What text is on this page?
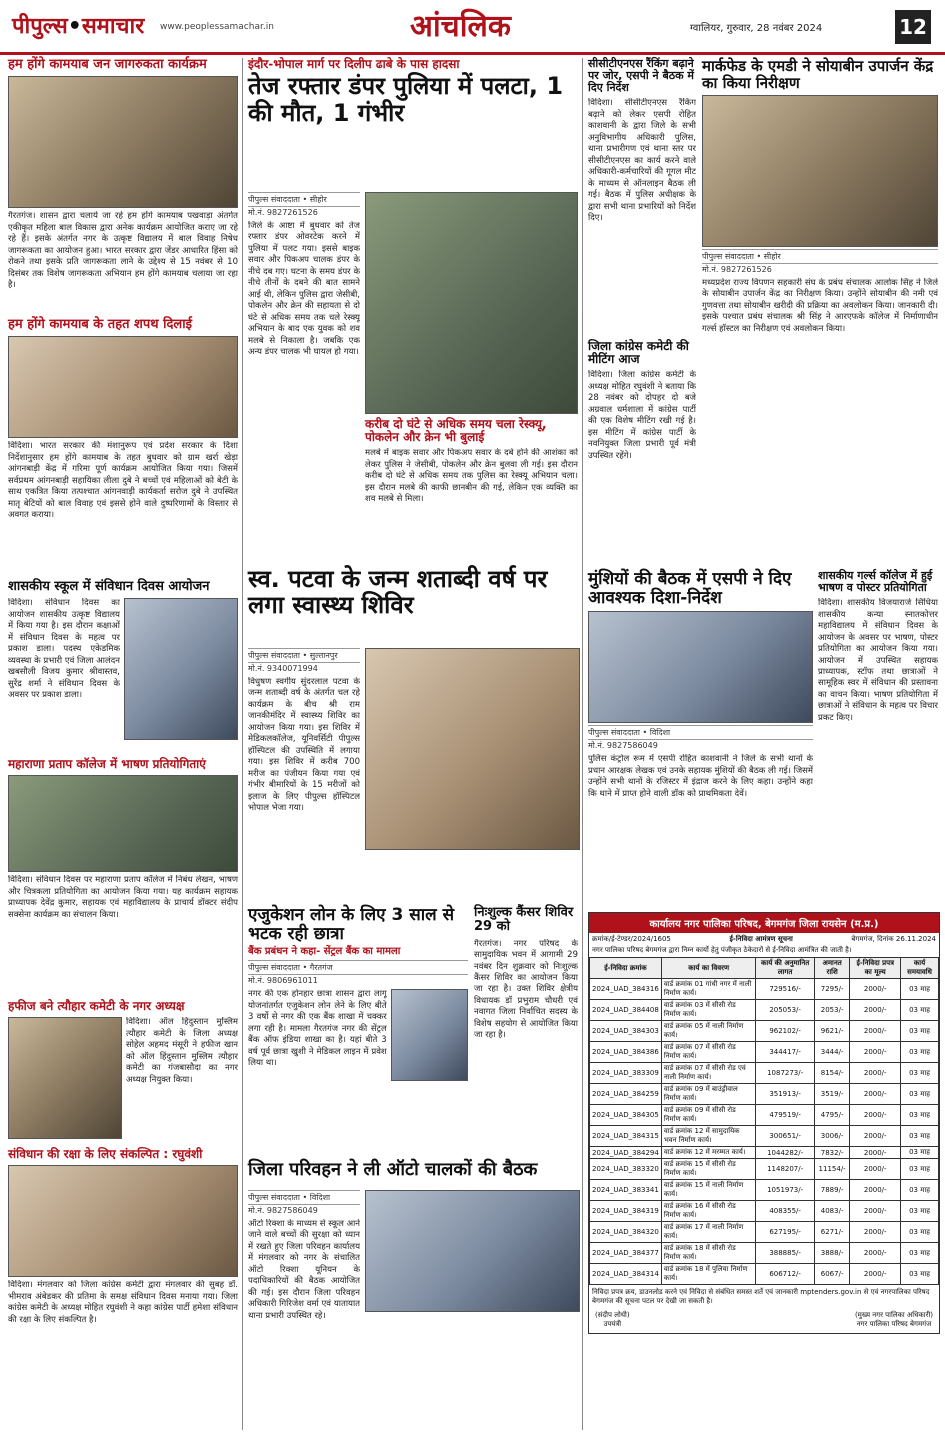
पीपुल्स•समाचार www.peoplessamachar.in	आंचलिक	ग्वालियर, गुरुवार, 28 नवंबर 2024	12
हम होंगे कामयाब जन जागरुकता कार्यक्रम
गैरतगंज। शासन द्वारा चलाये जा रहे हम होंगे कामयाब पखवाड़ा अंतर्गत एकीकृत महिला बाल विकास द्वारा अनेक कार्यक्रम आयोजित कराए जा रहे रहे हैं। इसके अंतर्गत नगर के उत्कृष्ट विद्यालय में बाल विवाह निषेध जागरूकता का आयोजन हुआ। भारत सरकार द्वारा जेंडर आधारित हिंसा को रोकने तथा इसके प्रति जागरूकता लाने के उद्देश्य से 15 नवंबर से 10 दिसंबर तक विशेष जागरूकता अभियान हम होंगे कामयाब चलाया जा रहा है।
हम होंगे कामयाब के तहत शपथ दिलाई
विदिशा। भारत सरकार की मंशानुरूप एवं प्रदेश सरकार के दिशा निर्देशानुसार हम होंगे कामयाब के तहत बुधवार को ग्राम खर्रा खेड़ा आंगनबाड़ी केंद्र में गरिमा पूर्ण कार्यक्रम आयोजित किया गया। जिसमें सर्वप्रथम आंगनबाड़ी सहायिका लीला दुबे ने बच्चों एवं महिलाओं को बेटी के साथ एकत्रित किया तत्पश्चात आंगनवाड़ी कार्यकर्ता सरोज दुबे ने उपस्थित मातृ बेटियों को बाल विवाह एवं इससे होने वाले दुष्परिणामों के विस्तार से अवगत कराया।
शासकीय स्कूल में संविधान दिवस आयोजन
विदिशा। संविधान दिवस का आयोजन शासकीय उत्कृष्ट विद्यालय में किया गया है। इस दौरान कक्षाओं में संविधान दिवस के महत्व पर प्रकाश डाला। पदस्थ एकेडमिक व्यवस्था के प्रभारी एवं जिला आलंदन खबसौली विजय कुमार श्रीवास्तव, सुरेंद्र शर्मा ने संविधान दिवस के अवसर पर प्रकाश डाला।
महाराणा प्रताप कॉलेज में भाषण प्रतियोगिताएं
विदिशा। संविधान दिवस पर महाराणा प्रताप कॉलेज में निबंध लेखन, भाषण और चित्रकला प्रतियोगिता का आयोजन किया गया। यह कार्यक्रम सहायक प्राध्यापक देवेंद्र कुमार, सहायक एवं महाविद्यालय के प्राचार्य डॉक्टर संदीप सक्सेना कार्यक्रम का संचालन किया।
हफीज बने त्यौहार कमेटी के नगर अध्यक्ष
विदिशा। ऑल हिंदुस्तान मुस्लिम त्यौहार कमेटी के जिला अध्यक्ष सोहेल अहमद मंसूरी ने हफीज खान को ऑल हिंदुस्तान मुस्लिम त्यौहार कमेटी का गंजबासौदा का नगर अध्यक्ष नियुक्त किया।
संविधान की रक्षा के लिए संकल्पित : रघुवंशी
विदिशा। मंगलवार को जिला कांग्रेस कमेटी द्वारा मंगलवार की सुबह डॉ. भीमराव अंबेडकर की प्रतिमा के समक्ष संविधान दिवस मनाया गया। जिला कांग्रेस कमेटी के अध्यक्ष मोहित रघुवंशी ने कहा कांग्रेस पार्टी हमेशा संविधान की रक्षा के लिए संकल्पित है।
इंदौर-भोपाल मार्ग पर दिलीप ढाबे के पास हादसा
तेज रफ्तार डंपर पुलिया में पलटा, 1 की मौत, 1 गंभीर
पीपुल्स संवाददाता • सीहोर
मो.नं. 9827261526
जिले के आष्टा में बुधवार को तेज रफ्तार डंपर ओवरटेक करने में पुलिया में पलट गया। इससे बाइक सवार और पिकअप चालक डंपर के नीचे दब गए। घटना के समय डंपर के नीचे तीनों के दबने की बात सामने आई थी, लेकिन पुलिस द्वारा जेसीबी, पोकलेन और क्रेन की सहायता से दो घंटे से अधिक समय तक चले रेस्क्यू अभियान के बाद एक युवक को शव मलबे से निकाला है। जबकि एक अन्य डंपर चालक भी घायल हो गया।
करीब दो घंटे से अधिक समय चला रेस्क्यू, पोकलेन और क्रेन भी बुलाई
मलबे में बाइक सवार और पिकअप सवार के दबे होने की आशंका को लेकर पुलिस ने जेसीबी, पोकलेन और क्रेन बुलवा ली गई। इस दौरान करीब दो घंटे से अधिक समय तक पुलिस का रेस्क्यू अभियान चला। इस दौरान मलबे की काफी छानबीन की गई, लेकिन एक व्यक्ति का शव मलबे से मिला।
स्व. पटवा के जन्म शताब्दी वर्ष पर लगा स्वास्थ्य शिविर
पीपुल्स संवाददाता • सुल्तानपुर
मो.नं. 9340071994
विधुषण स्वर्गीय सुंदरलाल पटवा के जन्म शताब्दी वर्ष के अंतर्गत चल रहे कार्यक्रम के बीच श्री राम जानकीमंदिर में स्वास्थ्य शिविर का आयोजन किया गया। इस शिविर में मेडिकलकॉलेज, यूनिवर्सिटी पीपुल्स हॉस्पिटल की उपस्थिति में लगाया गया। इस शिविर में करीब 700 मरीज का पंजीयन किया गया एवं गंभीर बीमारियों के 15 मरीजों को इलाज के लिए पीपुल्स हॉस्पिटल भोपाल भेजा गया।
एजुकेशन लोन के लिए 3 साल से भटक रही छात्रा
बैंक प्रबंधन ने कहा- सेंट्रल बैंक का मामला
पीपुल्स संवाददाता • गैरतगंज
मो.नं. 9806961011
नगर की एक होनहार छात्रा शासन द्वारा लागू योजनांतर्गत एजुकेशन लोन लेने के लिए बीते 3 वर्षो से नगर की एक बैंक शाखा में चक्कर लगा रही है। मामला गैरतगंज नगर की सेंट्रल बैंक ऑफ इंडिया शाखा का है। यहां बीते 3 वर्ष पूर्व छात्रा खुशी ने मेडिकल लाइन में प्रवेश लिया था।
निःशुल्क कैंसर शिविर 29 को
गैरतगंज। नगर परिषद के सामुदायिक भवन में आगामी 29 नवंबर दिन शुक्रवार को निःशुल्क कैंसर शिविर का आयोजन किया जा रहा है। उक्त शिविर क्षेत्रीय विधायक डॉ प्रभुराम चौधरी एवं नवागत जिला निर्वाचित सदस्य के विशेष सहयोग से आयोजित किया जा रहा है।
जिला परिवहन ने ली ऑटो चालकों की बैठक
पीपुल्स संवाददाता • विदिशा
मो.नं. 9827586049
ऑटो रिक्शा के माध्यम से स्कूल आने जाने वाले बच्चों की सुरक्षा को ध्यान में रखते हुए जिला परिवहन कार्यालय में मंगलवार को नगर के संचालित ऑटो रिक्शा यूनियन के पदाधिकारियों की बैठक आयोजित की गई। इस दौरान जिला परिवहन अधिकारी गिरिजेश वर्मा एवं यातायात थाना प्रभारी उपस्थित रहे।
सीसीटीएनएस रैंकिंग बढ़ाने पर जोर, एसपी ने बैठक में दिए निर्देश
विदिशा। सीसीटीएनएस रैंकिंग बढ़ाने को लेकर एसपी रोहित काशवानी के द्वारा जिले के सभी अनुविभागीय अधिकारी पुलिस, थाना प्रभारीगण एवं थाना स्तर पर सीसीटीएनएस का कार्य करने वाले अधिकारी-कर्मचारियों की गूगल मीट के माध्यम से ऑनलाइन बैठक ली गई। बैठक में पुलिस अधीक्षक के द्वारा सभी थाना प्रभारियों को निर्देश दिए।
जिला कांग्रेस कमेटी की मीटिंग आज
विदिशा। जिला कांग्रेस कमेटी के अध्यक्ष मोहित रघुवंशी ने बताया कि 28 नवंबर को दोपहर दो बजे अग्रवाल धर्मशाला में कांग्रेस पार्टी की एक विशेष मीटिंग रखी गई है। इस मीटिंग में कांग्रेस पार्टी के नवनियुक्त जिला प्रभारी पूर्व मंत्री उपस्थित रहेंगे।
मार्कफेड के एमडी ने सोयाबीन उपार्जन केंद्र का किया निरीक्षण
पीपुल्स संवाददाता • सीहोर
मो.नं. 9827261526
मध्यप्रदेश राज्य विपणन सहकारी संघ के प्रबंध संचालक आलोक सिंह ने जिले के सोयाबीन उपार्जन केंद्र का निरीक्षण किया। उन्होंने सोयाबीन की नमी एवं गुणवत्ता तथा सोयाबीन खरीदी की प्रक्रिया का अवलोकन किया। जानकारी दी। इसके पश्चात प्रबंध संचालक श्री सिंह ने आरएफके कॉलेज में निर्माणाधीन गर्ल्स हॉस्टल का निरीक्षण एवं अवलोकन किया।
मुंशियों की बैठक में एसपी ने दिए आवश्यक दिशा-निर्देश
पीपुल्स संवाददाता • विदिशा
मो.नं. 9827586049
पुलिस कंट्रोल रूम में एसपी रोहित काशवानी ने जिले के सभी थानों के प्रधान आरक्षक लेखक एवं उनके सहायक मुंशियों की बैठक ली गई। जिसमें उन्होंने सभी थानों के रजिस्टर में इंद्राज करने के लिए कहा। उन्होंने कहा कि थाने में प्राप्त होने वाली डॉक को प्राथमिकता देवें।
शासकीय गर्ल्स कॉलेज में हुई भाषण व पोस्टर प्रतियोगिता
विदिशा। शासकीय विजयाराजे सिंधिया शासकीय कन्या स्नातकोत्तर महाविद्यालय में संविधान दिवस के आयोजन के अवसर पर भाषण, पोस्टर प्रतियोगिता का आयोजन किया गया। आयोजन में उपस्थित सहायक प्राध्यापक, स्टॉफ तथा छात्राओं ने सामूहिक स्वर में संविधान की प्रस्तावना का वाचन किया। भाषण प्रतियोगिता में छात्राओं ने संविधान के महत्व पर विचार प्रकट किए।
कार्यालय नगर पालिका परिषद, बेगमगंज जिला रायसेन (म.प्र.)
क्रमांक/ई-टेण्डर/2024/1605	ई-निविदा आमंत्रण सूचना	बेगमगंज, दिनांक 26.11.2024
नगर पालिका परिषद बेगमगंज द्वारा निम्न कार्यो हेतु पंजीकृत ठेकेदारों से ई-निविदा आमंत्रित की जाती है।
ई-निविदा क्रमांक	कार्य का विवरण	कार्य की अनुमानित लागत	अमानत राशि	ई-निविदा प्रपत्र का मूल्य	कार्य समयावधि
2024_UAD_384316	वार्ड क्रमांक 01 गांधी नगर में नाली निर्माण कार्य।	729516/-	7295/-	2000/-	03 माह
2024_UAD_384408	वार्ड क्रमांक 03 में सीसी रोड निर्माण कार्य।	205053/-	2053/-	2000/-	03 माह
2024_UAD_384303	वार्ड क्रमांक 05 में नाली निर्माण कार्य।	962102/-	9621/-	2000/-	03 माह
2024_UAD_384386	वार्ड क्रमांक 07 में सीसी रोड निर्माण कार्य।	344417/-	3444/-	2000/-	03 माह
2024_UAD_383309	वार्ड क्रमांक 07 में सीसी रोड एवं नाली निर्माण कार्य।	1087273/-	8154/-	2000/-	03 माह
2024_UAD_384259	वार्ड क्रमांक 09 में बाउंड्रीवाल निर्माण कार्य।	351913/-	3519/-	2000/-	03 माह
2024_UAD_384305	वार्ड क्रमांक 09 में सीसी रोड निर्माण कार्य।	479519/-	4795/-	2000/-	03 माह
2024_UAD_384315	वार्ड क्रमांक 12 में सामुदायिक भवन निर्माण कार्य।	300651/-	3006/-	2000/-	03 माह
2024_UAD_384294	वार्ड क्रमांक 12 में मरम्मत कार्य।	1044282/-	7832/-	2000/-	03 माह
2024_UAD_383320	वार्ड क्रमांक 15 में सीसी रोड निर्माण कार्य।	1148207/-	11154/-	2000/-	03 माह
2024_UAD_383341	वार्ड क्रमांक 15 में नाली निर्माण कार्य।	1051973/-	7889/-	2000/-	03 माह
2024_UAD_384319	वार्ड क्रमांक 16 में सीसी रोड निर्माण कार्य।	408355/-	4083/-	2000/-	03 माह
2024_UAD_384320	वार्ड क्रमांक 17 में नाली निर्माण कार्य।	627195/-	6271/-	2000/-	03 माह
2024_UAD_384377	वार्ड क्रमांक 18 में सीसी रोड निर्माण कार्य।	388885/-	3888/-	2000/-	03 माह
2024_UAD_384314	वार्ड क्रमांक 18 में पुलिया निर्माण कार्य।	606712/-	6067/-	2000/-	03 माह
निविदा प्रपत्र क्रय, डाउनलोड करने एवं निविदा से संबंधित समस्त शर्ते एवं जानकारी mptenders.gov.in से एवं नगरपालिका परिषद बेगमगंज की सूचना पटल पर देखी जा सकती है।
(संदीप लोधी)
उपयंत्री
(मुख्य नगर पालिका अधिकारी)
नगर पालिका परिषद बेगमगंज
